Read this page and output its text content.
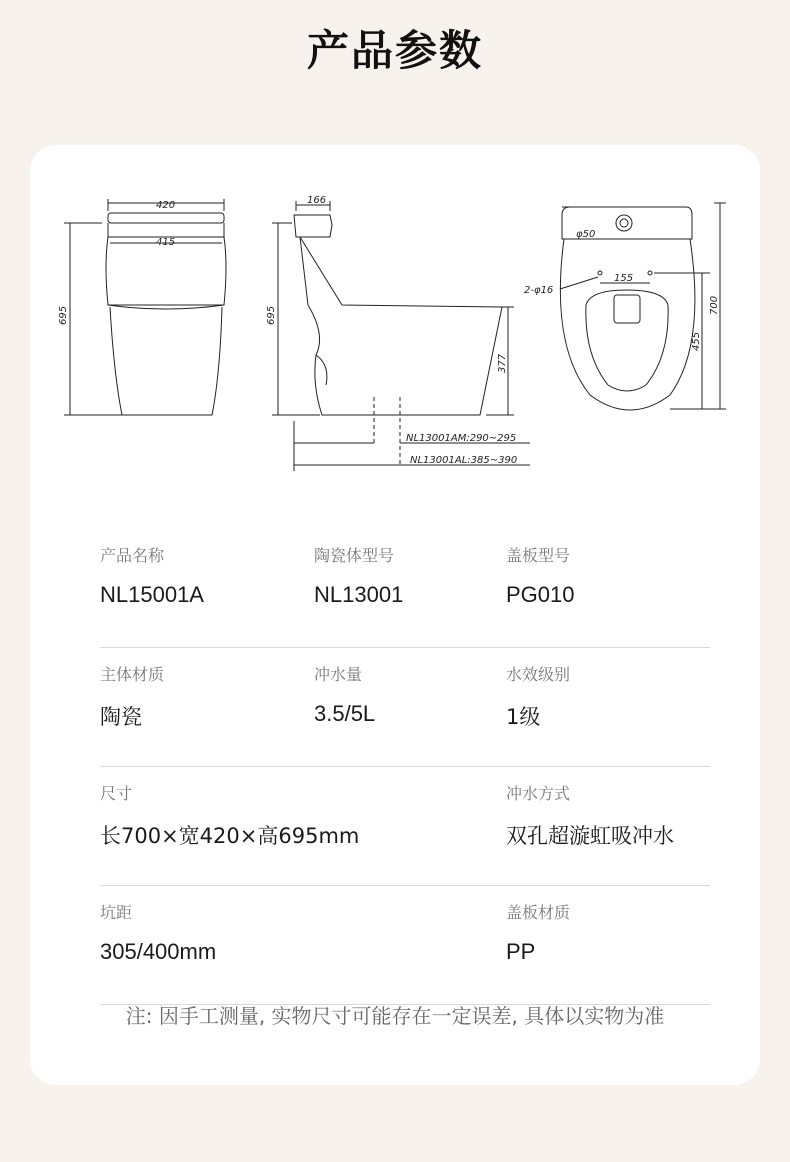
产品参数
420
415
695
166
695
377
NL13001AM:290~295
NL13001AL:385~390
φ50
2-φ16
155
700
455
产品名称
NL15001A
陶瓷体型号
NL13001
盖板型号
PG010
主体材质
陶瓷
冲水量
3.5/5L
水效级别
1级
尺寸
长700×宽420×高695mm
冲水方式
双孔超漩虹吸冲水
坑距
305/400mm
盖板材质
PP
注: 因手工测量, 实物尺寸可能存在一定误差, 具体以实物为准
